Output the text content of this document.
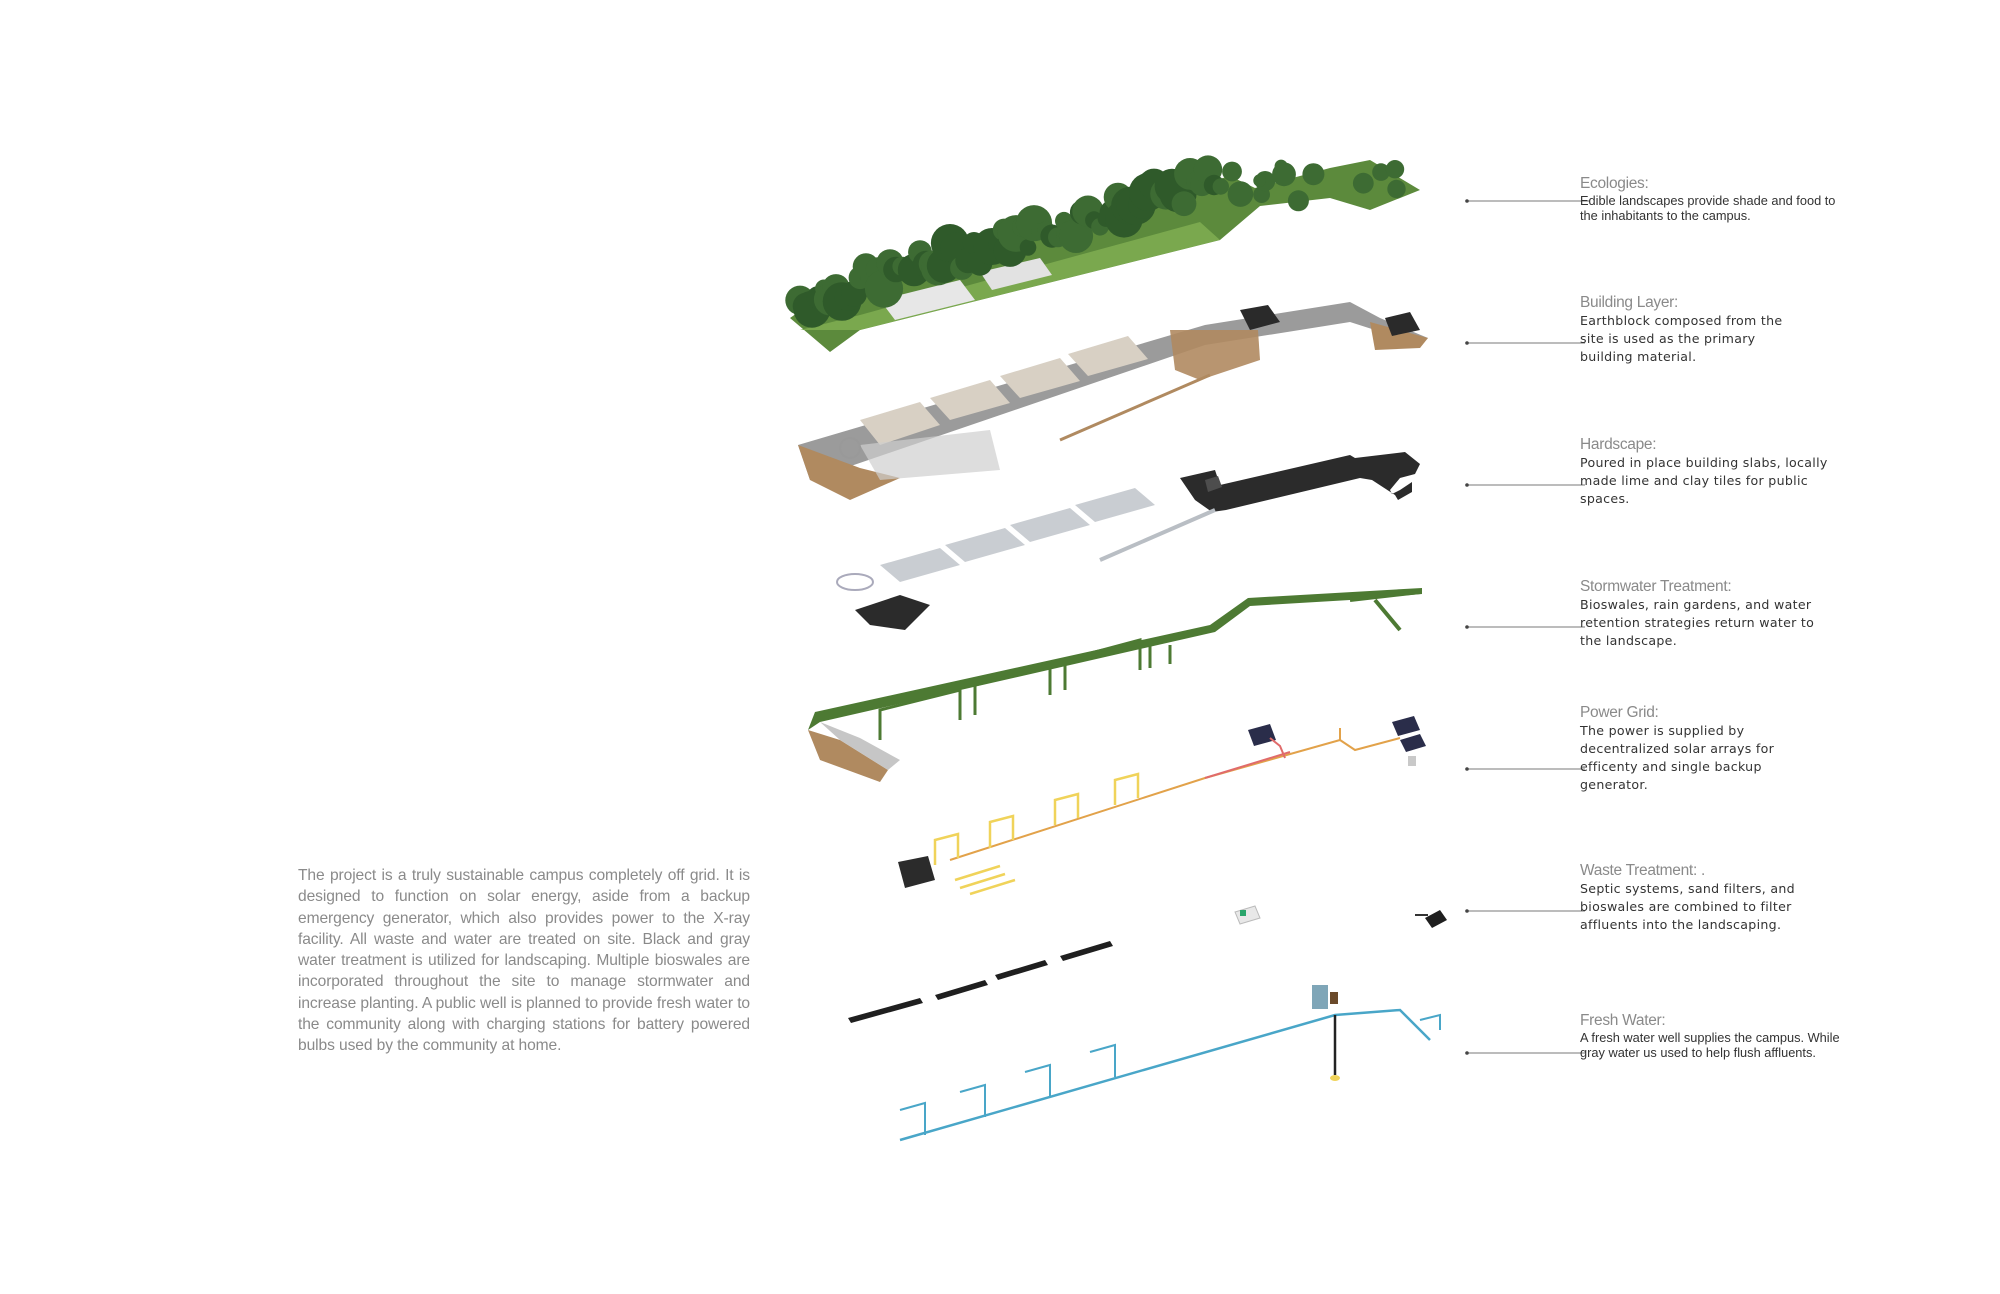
The project is a truly sustainable campus completely off grid. It is designed to function on solar energy, aside from a backup emergency generator, which also provides power to the X-ray facility. All waste and water are treated on site. Black and gray water treatment is utilized for landscaping. Multiple bioswales are incorporated throughout the site to manage stormwater and increase planting. A public well is planned to provide fresh water to the community along with charging stations for battery powered bulbs used by the community at home.

Ecologies:

Edible landscapes provide shade and food to the inhabitants to the campus.

Building Layer:

Earthblock composed from the site is used as the primary building material.

Hardscape:

Poured in place building slabs, locally made lime and clay tiles for public spaces.

Stormwater Treatment:

Bioswales, rain gardens, and water retention strategies return water to the landscape.

Power Grid:

The power is supplied by decentralized solar arrays for efficenty and single backup generator.

Waste Treatment: .

Septic systems, sand filters, and bioswales are combined to filter affluents into the landscaping.

Fresh Water:

A fresh water well supplies the campus. While gray water us used to help flush affluents.
